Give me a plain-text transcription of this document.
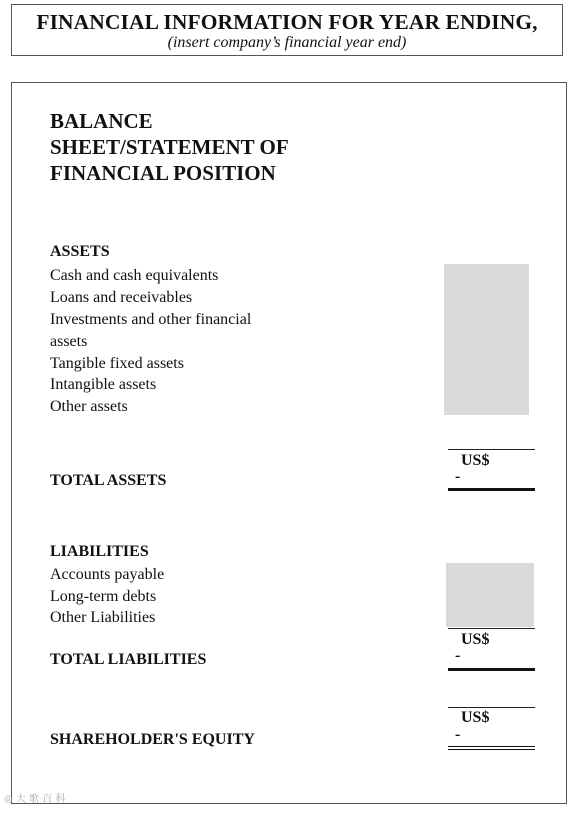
FINANCIAL INFORMATION FOR YEAR ENDING,
(insert company’s financial year end)
BALANCE SHEET/STATEMENT OF FINANCIAL POSITION
ASSETS
Cash and cash equivalents
Loans and receivables
Investments and other financial assets
Tangible fixed assets
Intangible assets
Other assets
US$
TOTAL ASSETS	-
LIABILITIES
Accounts payable
Long-term debts
Other Liabilities
US$
TOTAL LIABILITIES	-
US$
SHAREHOLDER'S EQUITY	-
◎ 大 歌 百 科
